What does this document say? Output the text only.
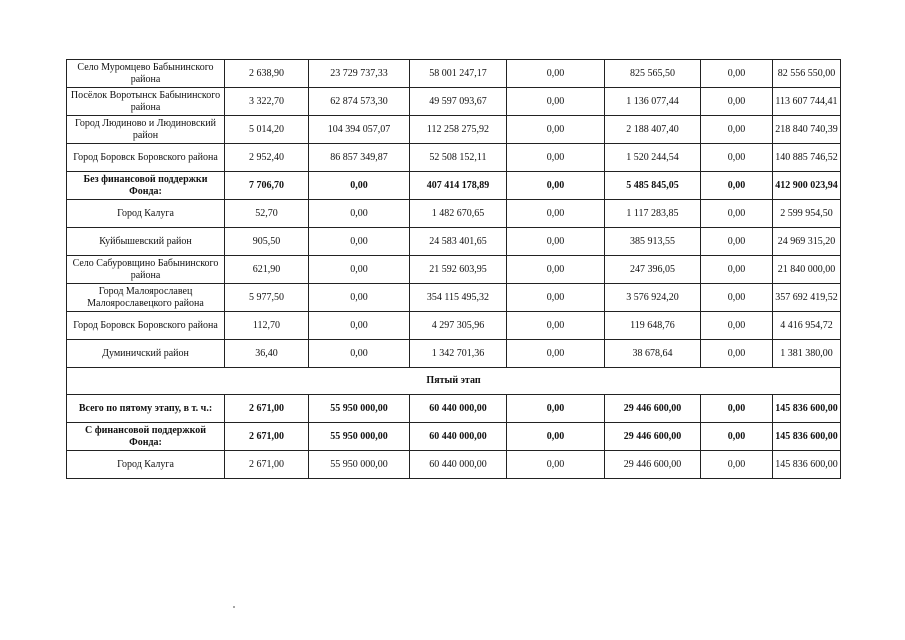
Село Муромцево Бабынинского района	2 638,90	23 729 737,33	58 001 247,17	0,00	825 565,50	0,00	82 556 550,00
Посёлок Воротынск Бабынинского района	3 322,70	62 874 573,30	49 597 093,67	0,00	1 136 077,44	0,00	113 607 744,41
Город Людиново и Людиновский район	5 014,20	104 394 057,07	112 258 275,92	0,00	2 188 407,40	0,00	218 840 740,39
Город Боровск Боровского района	2 952,40	86 857 349,87	52 508 152,11	0,00	1 520 244,54	0,00	140 885 746,52
Без финансовой поддержки Фонда:	7 706,70	0,00	407 414 178,89	0,00	5 485 845,05	0,00	412 900 023,94
Город Калуга	52,70	0,00	1 482 670,65	0,00	1 117 283,85	0,00	2 599 954,50
Куйбышевский район	905,50	0,00	24 583 401,65	0,00	385 913,55	0,00	24 969 315,20
Село Сабуровщино Бабынинского района	621,90	0,00	21 592 603,95	0,00	247 396,05	0,00	21 840 000,00
Город Малоярославец Малоярославецкого района	5 977,50	0,00	354 115 495,32	0,00	3 576 924,20	0,00	357 692 419,52
Город Боровск Боровского района	112,70	0,00	4 297 305,96	0,00	119 648,76	0,00	4 416 954,72
Думиничский район	36,40	0,00	1 342 701,36	0,00	38 678,64	0,00	1 381 380,00
Пятый этап							
Всего по пятому этапу, в т. ч.:	2 671,00	55 950 000,00	60 440 000,00	0,00	29 446 600,00	0,00	145 836 600,00
С финансовой поддержкой Фонда:	2 671,00	55 950 000,00	60 440 000,00	0,00	29 446 600,00	0,00	145 836 600,00
Город Калуга	2 671,00	55 950 000,00	60 440 000,00	0,00	29 446 600,00	0,00	145 836 600,00
